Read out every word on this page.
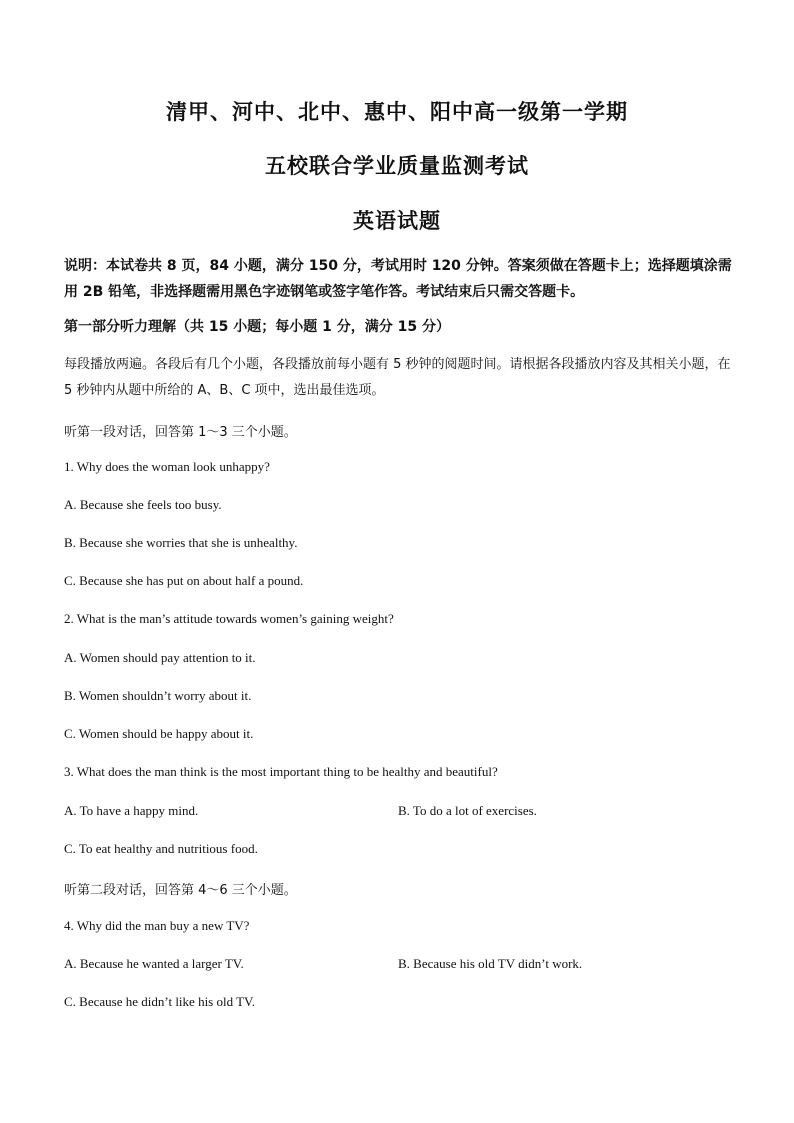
清甲、河中、北中、惠中、阳中高一级第一学期
五校联合学业质量监测考试
英语试题
说明：本试卷共 8 页，84 小题，满分 150 分，考试用时 120 分钟。答案须做在答题卡上；选择题填涂需用 2B 铅笔，非选择题需用黑色字迹钢笔或签字笔作答。考试结束后只需交答题卡。
第一部分听力理解（共 15 小题；每小题 1 分，满分 15 分）
每段播放两遍。各段后有几个小题，各段播放前每小题有 5 秒钟的阅题时间。请根据各段播放内容及其相关小题，在 5 秒钟内从题中所给的 A、B、C 项中，选出最佳选项。
听第一段对话，回答第 1～3 三个小题。
1. Why does the woman look unhappy?
A. Because she feels too busy.
B. Because she worries that she is unhealthy.
C. Because she has put on about half a pound.
2. What is the man’s attitude towards women’s gaining weight?
A. Women should pay attention to it.
B. Women shouldn’t worry about it.
C. Women should be happy about it.
3. What does the man think is the most important thing to be healthy and beautiful?
A. To have a happy mind.	B. To do a lot of exercises.
C. To eat healthy and nutritious food.
听第二段对话，回答第 4～6 三个小题。
4. Why did the man buy a new TV?
A. Because he wanted a larger TV.	B. Because his old TV didn’t work.
C. Because he didn’t like his old TV.
